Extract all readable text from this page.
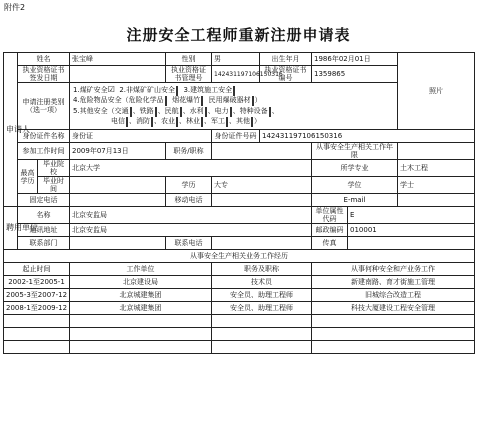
附件2
注册安全工程师重新注册申请表
申请人	姓名		张宝峰	性别	男	出生年月	1986年02月01日		照片
	执业资格证书签发日期			执业资格证书管理号	142431197106150316	执业资格证书编号	1359865		
	申请注册类别（选一项）		1.煤矿安全☑ 2.非煤矿矿山安全 3.建筑施工安全
4.危险物品安全（危险化学品 烟花爆竹 民用爆破器材 ）
5.其他安全（交通 、铁路 、民航 、水利 、电力 、特种设备 、
电信 、消防 、农业 、林业 、军工 、其他 ）						

	身份证件名称		身份证		身份证件号码	142431197106150316			
	参加工作时间		2009年07月13日	职务/职称			从事安全生产相关工作年限		
	最高学历	毕业院校	北京大学				所学专业		土木工程
		毕业时间		学历	大专		学位		学士
	固定电话			移动电话			E-mail		
聘用单位	名称		北京安监局				单位属性代码	E	
	通讯地址		北京安监局				邮政编码	010001	
	联系部门			联系电话			传真		
从事安全生产相关业务工作经历									
起止时间			工作单位		职务及职称		从事何种安全和产业务工作		
2002-1至2005-1			北京建设局		技术员		新建南路、育才街施工管理		
2005-3至2007-12			北京城建集团		安全员、助理工程师		旧城综合改造工程		
2008-1至2009-12			北京城建集团		安全员、助理工程师		科技大厦建设工程安全管理		
